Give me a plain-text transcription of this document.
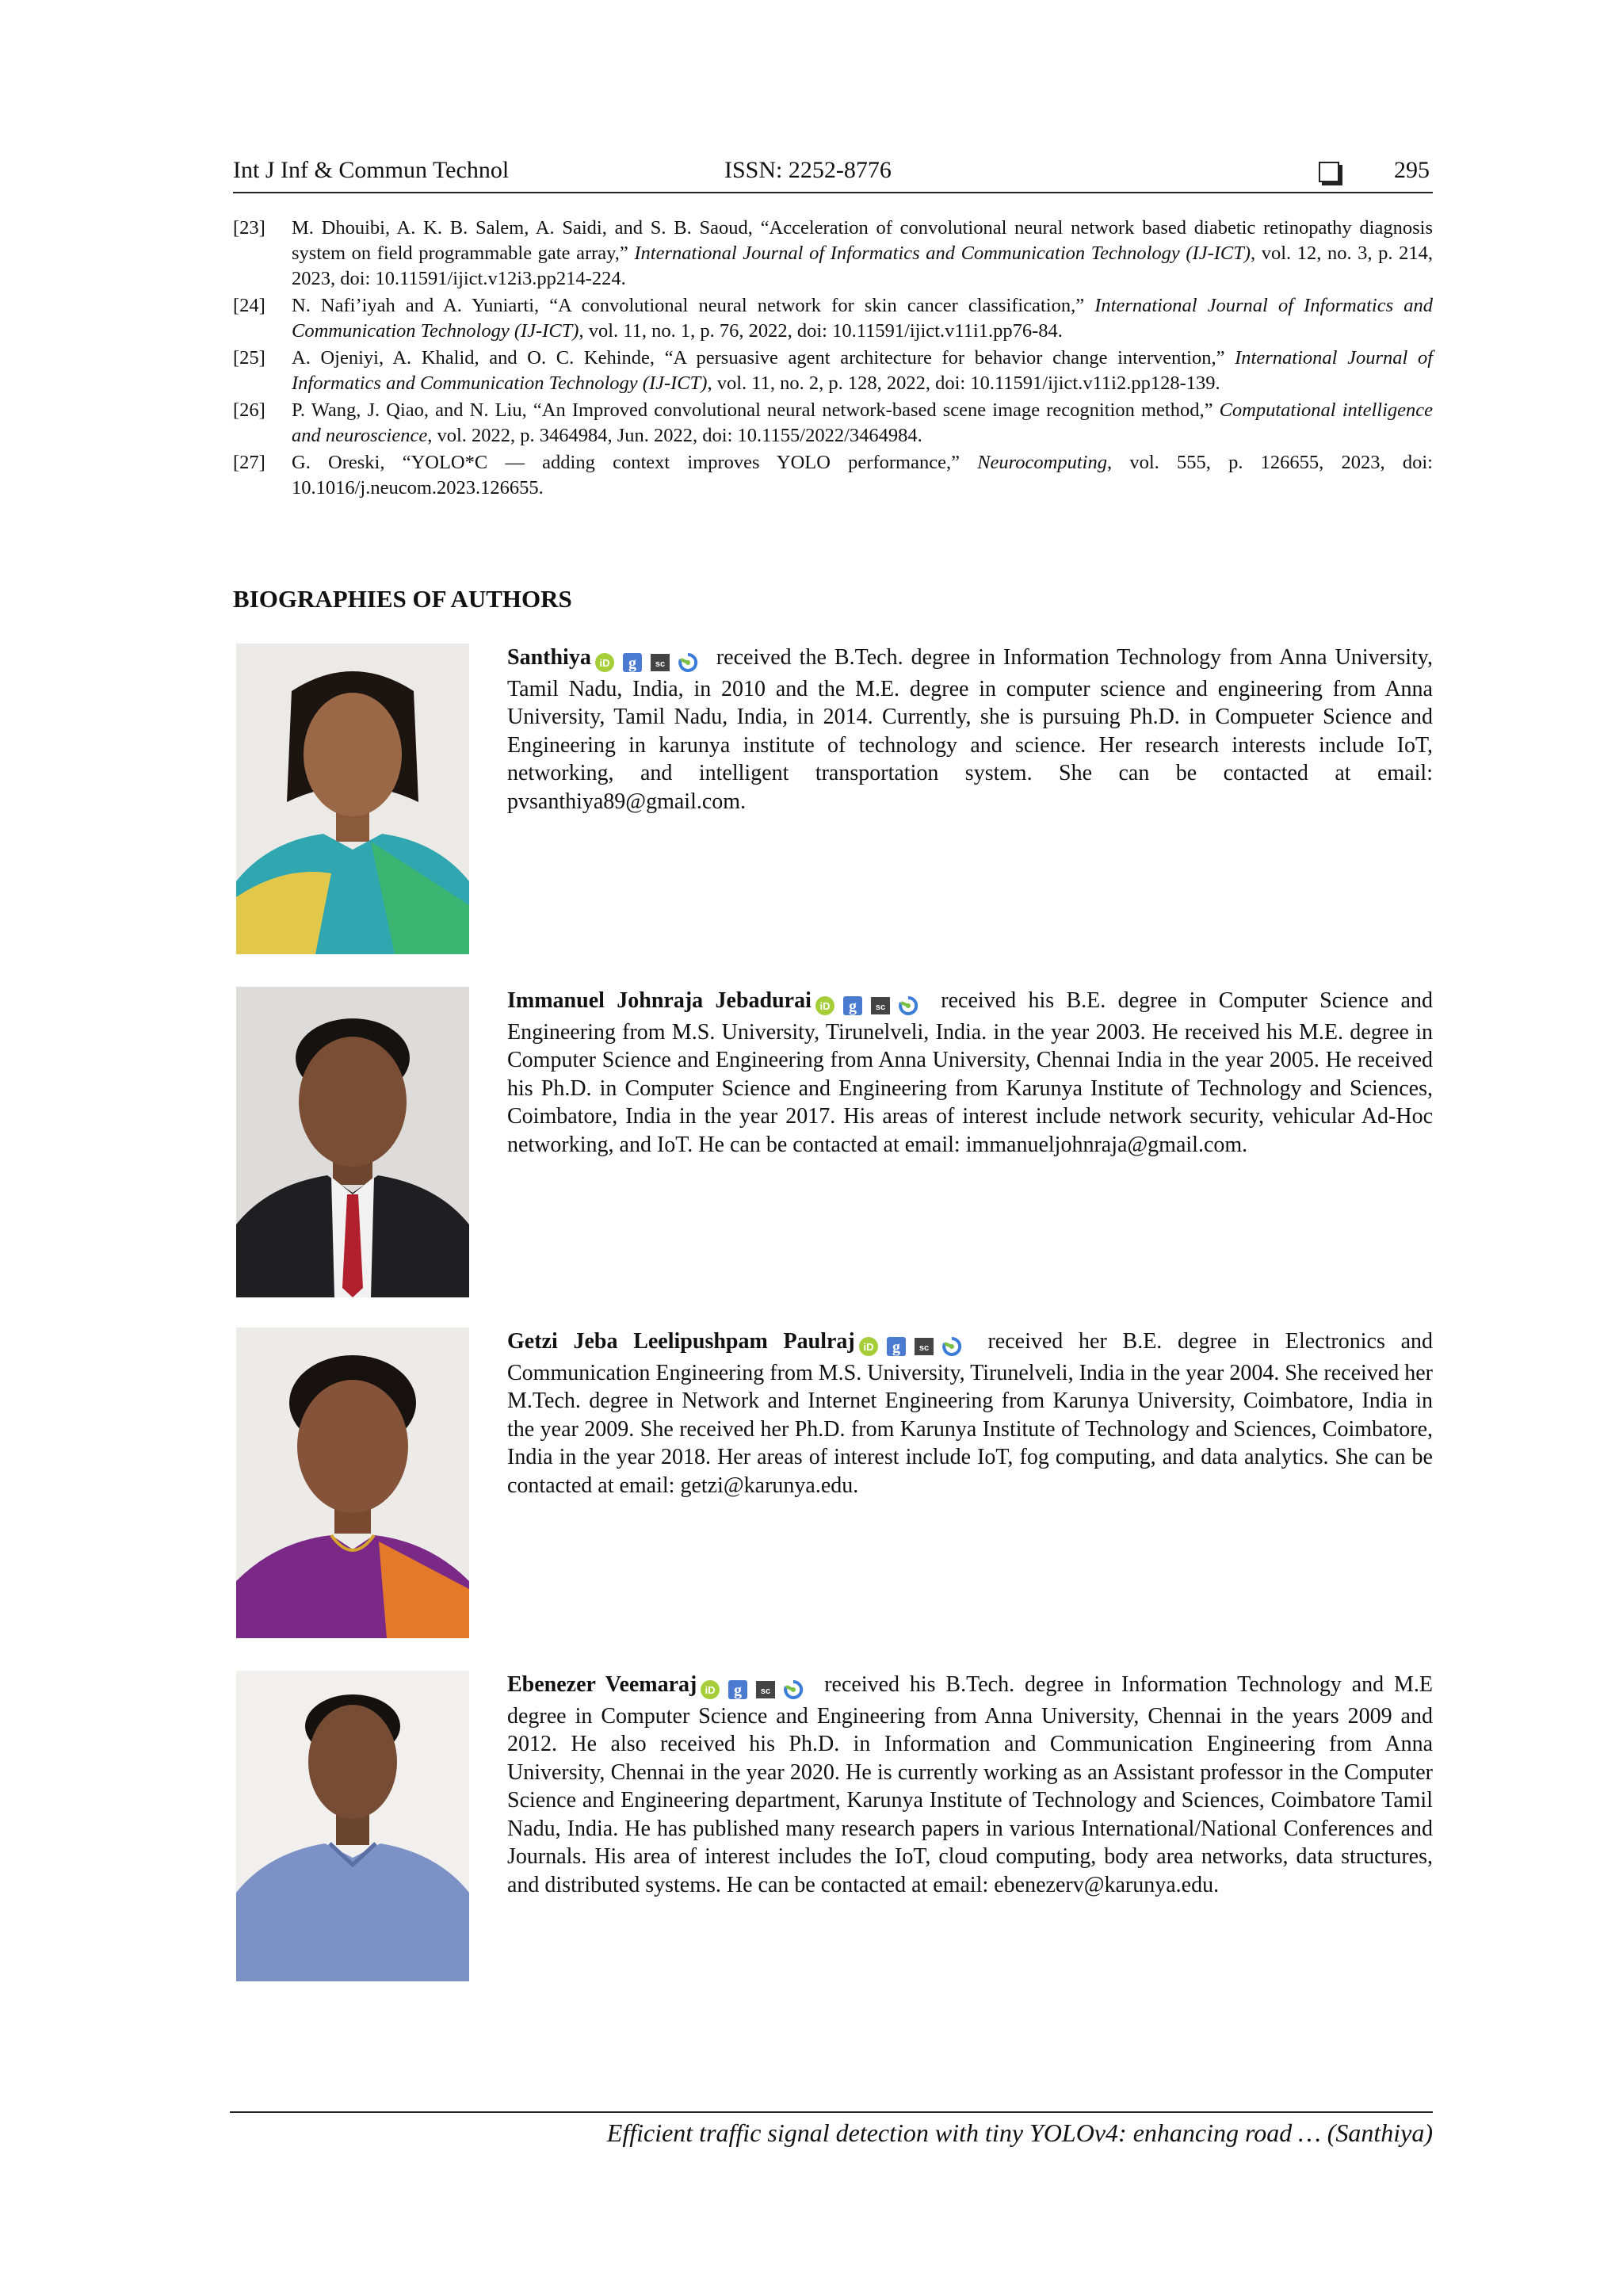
Int J Inf & Commun Technol	ISSN: 2252-8776	295
[23] M. Dhouibi, A. K. B. Salem, A. Saidi, and S. B. Saoud, “Acceleration of convolutional neural network based diabetic retinopathy diagnosis system on field programmable gate array,” International Journal of Informatics and Communication Technology (IJ-ICT), vol. 12, no. 3, p. 214, 2023, doi: 10.11591/ijict.v12i3.pp214-224.
[24] N. Nafi’iyah and A. Yuniarti, “A convolutional neural network for skin cancer classification,” International Journal of Informatics and Communication Technology (IJ-ICT), vol. 11, no. 1, p. 76, 2022, doi: 10.11591/ijict.v11i1.pp76-84.
[25] A. Ojeniyi, A. Khalid, and O. C. Kehinde, “A persuasive agent architecture for behavior change intervention,” International Journal of Informatics and Communication Technology (IJ-ICT), vol. 11, no. 2, p. 128, 2022, doi: 10.11591/ijict.v11i2.pp128-139.
[26] P. Wang, J. Qiao, and N. Liu, “An Improved convolutional neural network-based scene image recognition method,” Computational intelligence and neuroscience, vol. 2022, p. 3464984, Jun. 2022, doi: 10.1155/2022/3464984.
[27] G. Oreski, “YOLO*C — adding context improves YOLO performance,” Neurocomputing, vol. 555, p. 126655, 2023, doi: 10.1016/j.neucom.2023.126655.
BIOGRAPHIES OF AUTHORS
Santhiya iD g sc received the B.Tech. degree in Information Technology from Anna University, Tamil Nadu, India, in 2010 and the M.E. degree in computer science and engineering from Anna University, Tamil Nadu, India, in 2014. Currently, she is pursuing Ph.D. in Compueter Science and Engineering in karunya institute of technology and science. Her research interests include IoT, networking, and intelligent transportation system. She can be contacted at email: pvsanthiya89@gmail.com.
Immanuel Johnraja Jebadurai iD g sc received his B.E. degree in Computer Science and Engineering from M.S. University, Tirunelveli, India. in the year 2003. He received his M.E. degree in Computer Science and Engineering from Anna University, Chennai India in the year 2005. He received his Ph.D. in Computer Science and Engineering from Karunya Institute of Technology and Sciences, Coimbatore, India in the year 2017. His areas of interest include network security, vehicular Ad-Hoc networking, and IoT. He can be contacted at email: immanueljohnraja@gmail.com.
Getzi Jeba Leelipushpam Paulraj iD g sc received her B.E. degree in Electronics and Communication Engineering from M.S. University, Tirunelveli, India in the year 2004. She received her M.Tech. degree in Network and Internet Engineering from Karunya University, Coimbatore, India in the year 2009. She received her Ph.D. from Karunya Institute of Technology and Sciences, Coimbatore, India in the year 2018. Her areas of interest include IoT, fog computing, and data analytics. She can be contacted at email: getzi@karunya.edu.
Ebenezer Veemaraj iD g sc received his B.Tech. degree in Information Technology and M.E degree in Computer Science and Engineering from Anna University, Chennai in the years 2009 and 2012. He also received his Ph.D. in Information and Communication Engineering from Anna University, Chennai in the year 2020. He is currently working as an Assistant professor in the Computer Science and Engineering department, Karunya Institute of Technology and Sciences, Coimbatore Tamil Nadu, India. He has published many research papers in various International/National Conferences and Journals. His area of interest includes the IoT, cloud computing, body area networks, data structures, and distributed systems. He can be contacted at email: ebenezerv@karunya.edu.
Efficient traffic signal detection with tiny YOLOv4: enhancing road … (Santhiya)
